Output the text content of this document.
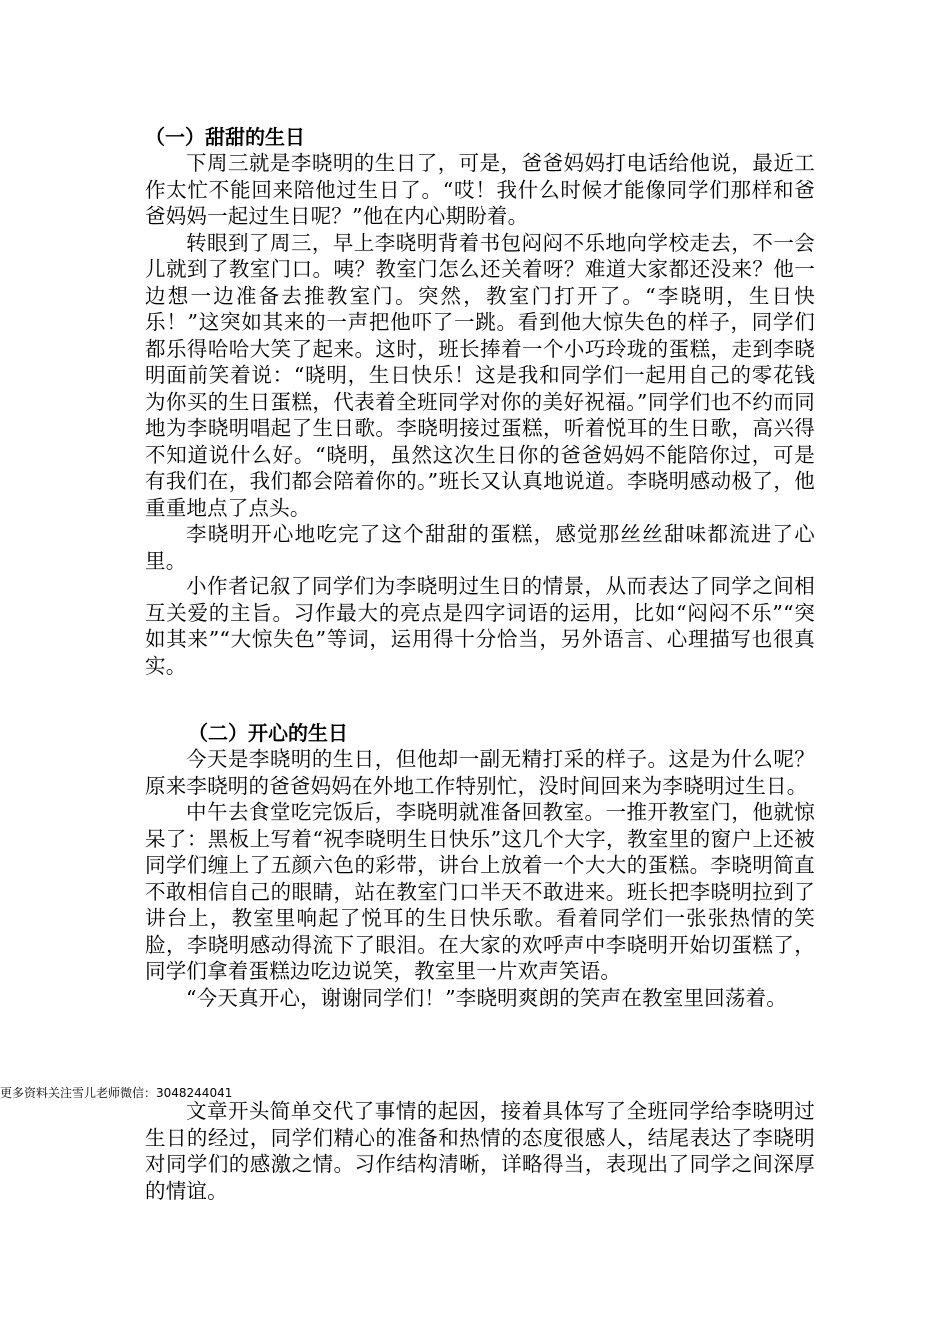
（一）甜甜的生日

下周三就是李晓明的生日了，可是，爸爸妈妈打电话给他说，最近工作太忙不能回来陪他过生日了。“哎！我什么时候才能像同学们那样和爸爸妈妈一起过生日呢？”他在内心期盼着。

转眼到了周三，早上李晓明背着书包闷闷不乐地向学校走去，不一会儿就到了教室门口。咦？教室门怎么还关着呀？难道大家都还没来？他一边想一边准备去推教室门。突然，教室门打开了。“李晓明，生日快乐！”这突如其来的一声把他吓了一跳。看到他大惊失色的样子，同学们都乐得哈哈大笑了起来。这时，班长捧着一个小巧玲珑的蛋糕，走到李晓明面前笑着说：“晓明，生日快乐！这是我和同学们一起用自己的零花钱为你买的生日蛋糕，代表着全班同学对你的美好祝福。”同学们也不约而同地为李晓明唱起了生日歌。李晓明接过蛋糕，听着悦耳的生日歌，高兴得不知道说什么好。“晓明，虽然这次生日你的爸爸妈妈不能陪你过，可是有我们在，我们都会陪着你的。”班长又认真地说道。李晓明感动极了，他重重地点了点头。

李晓明开心地吃完了这个甜甜的蛋糕，感觉那丝丝甜味都流进了心里。

小作者记叙了同学们为李晓明过生日的情景，从而表达了同学之间相互关爱的主旨。习作最大的亮点是四字词语的运用，比如“闷闷不乐”“突如其来”“大惊失色”等词，运用得十分恰当，另外语言、心理描写也很真实。

（二）开心的生日

今天是李晓明的生日，但他却一副无精打采的样子。这是为什么呢？原来李晓明的爸爸妈妈在外地工作特别忙，没时间回来为李晓明过生日。

中午去食堂吃完饭后，李晓明就准备回教室。一推开教室门，他就惊呆了：黑板上写着“祝李晓明生日快乐”这几个大字，教室里的窗户上还被同学们缠上了五颜六色的彩带，讲台上放着一个大大的蛋糕。李晓明简直不敢相信自己的眼睛，站在教室门口半天不敢进来。班长把李晓明拉到了讲台上，教室里响起了悦耳的生日快乐歌。看着同学们一张张热情的笑脸，李晓明感动得流下了眼泪。在大家的欢呼声中李晓明开始切蛋糕了，同学们拿着蛋糕边吃边说笑，教室里一片欢声笑语。

“今天真开心，谢谢同学们！”李晓明爽朗的笑声在教室里回荡着。

更多资料关注雪儿老师微信：3048244041

文章开头简单交代了事情的起因，接着具体写了全班同学给李晓明过生日的经过，同学们精心的准备和热情的态度很感人，结尾表达了李晓明对同学们的感激之情。习作结构清晰，详略得当，表现出了同学之间深厚的情谊。
